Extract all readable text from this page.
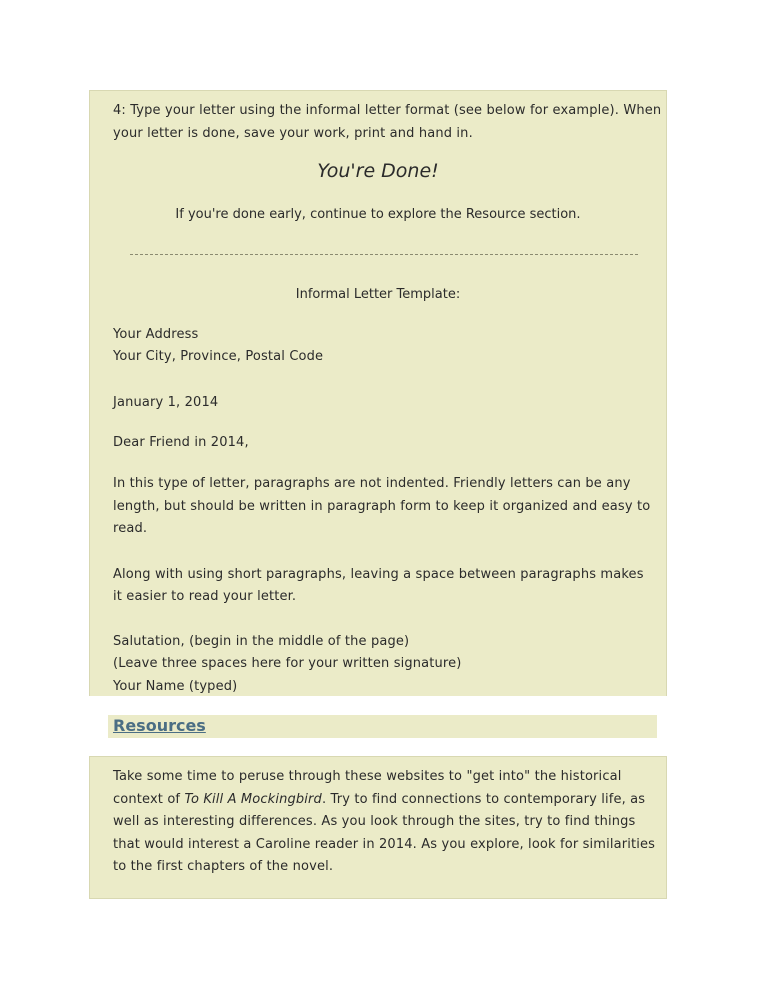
4: Type your letter using the informal letter format (see below for example). When
your letter is done, save your work, print and hand in.
You're Done!
If you're done early, continue to explore the Resource section.
Informal Letter Template:
Your Address
Your City, Province, Postal Code
January 1, 2014
Dear Friend in 2014,
In this type of letter, paragraphs are not indented. Friendly letters can be any
length, but should be written in paragraph form to keep it organized and easy to
read.
Along with using short paragraphs, leaving a space between paragraphs makes
it easier to read your letter.
Salutation, (begin in the middle of the page)
(Leave three spaces here for your written signature)
Your Name (typed)
Resources
Take some time to peruse through these websites to "get into" the historical
context of To Kill A Mockingbird. Try to find connections to contemporary life, as
well as interesting differences. As you look through the sites, try to find things
that would interest a Caroline reader in 2014. As you explore, look for similarities
to the first chapters of the novel.
